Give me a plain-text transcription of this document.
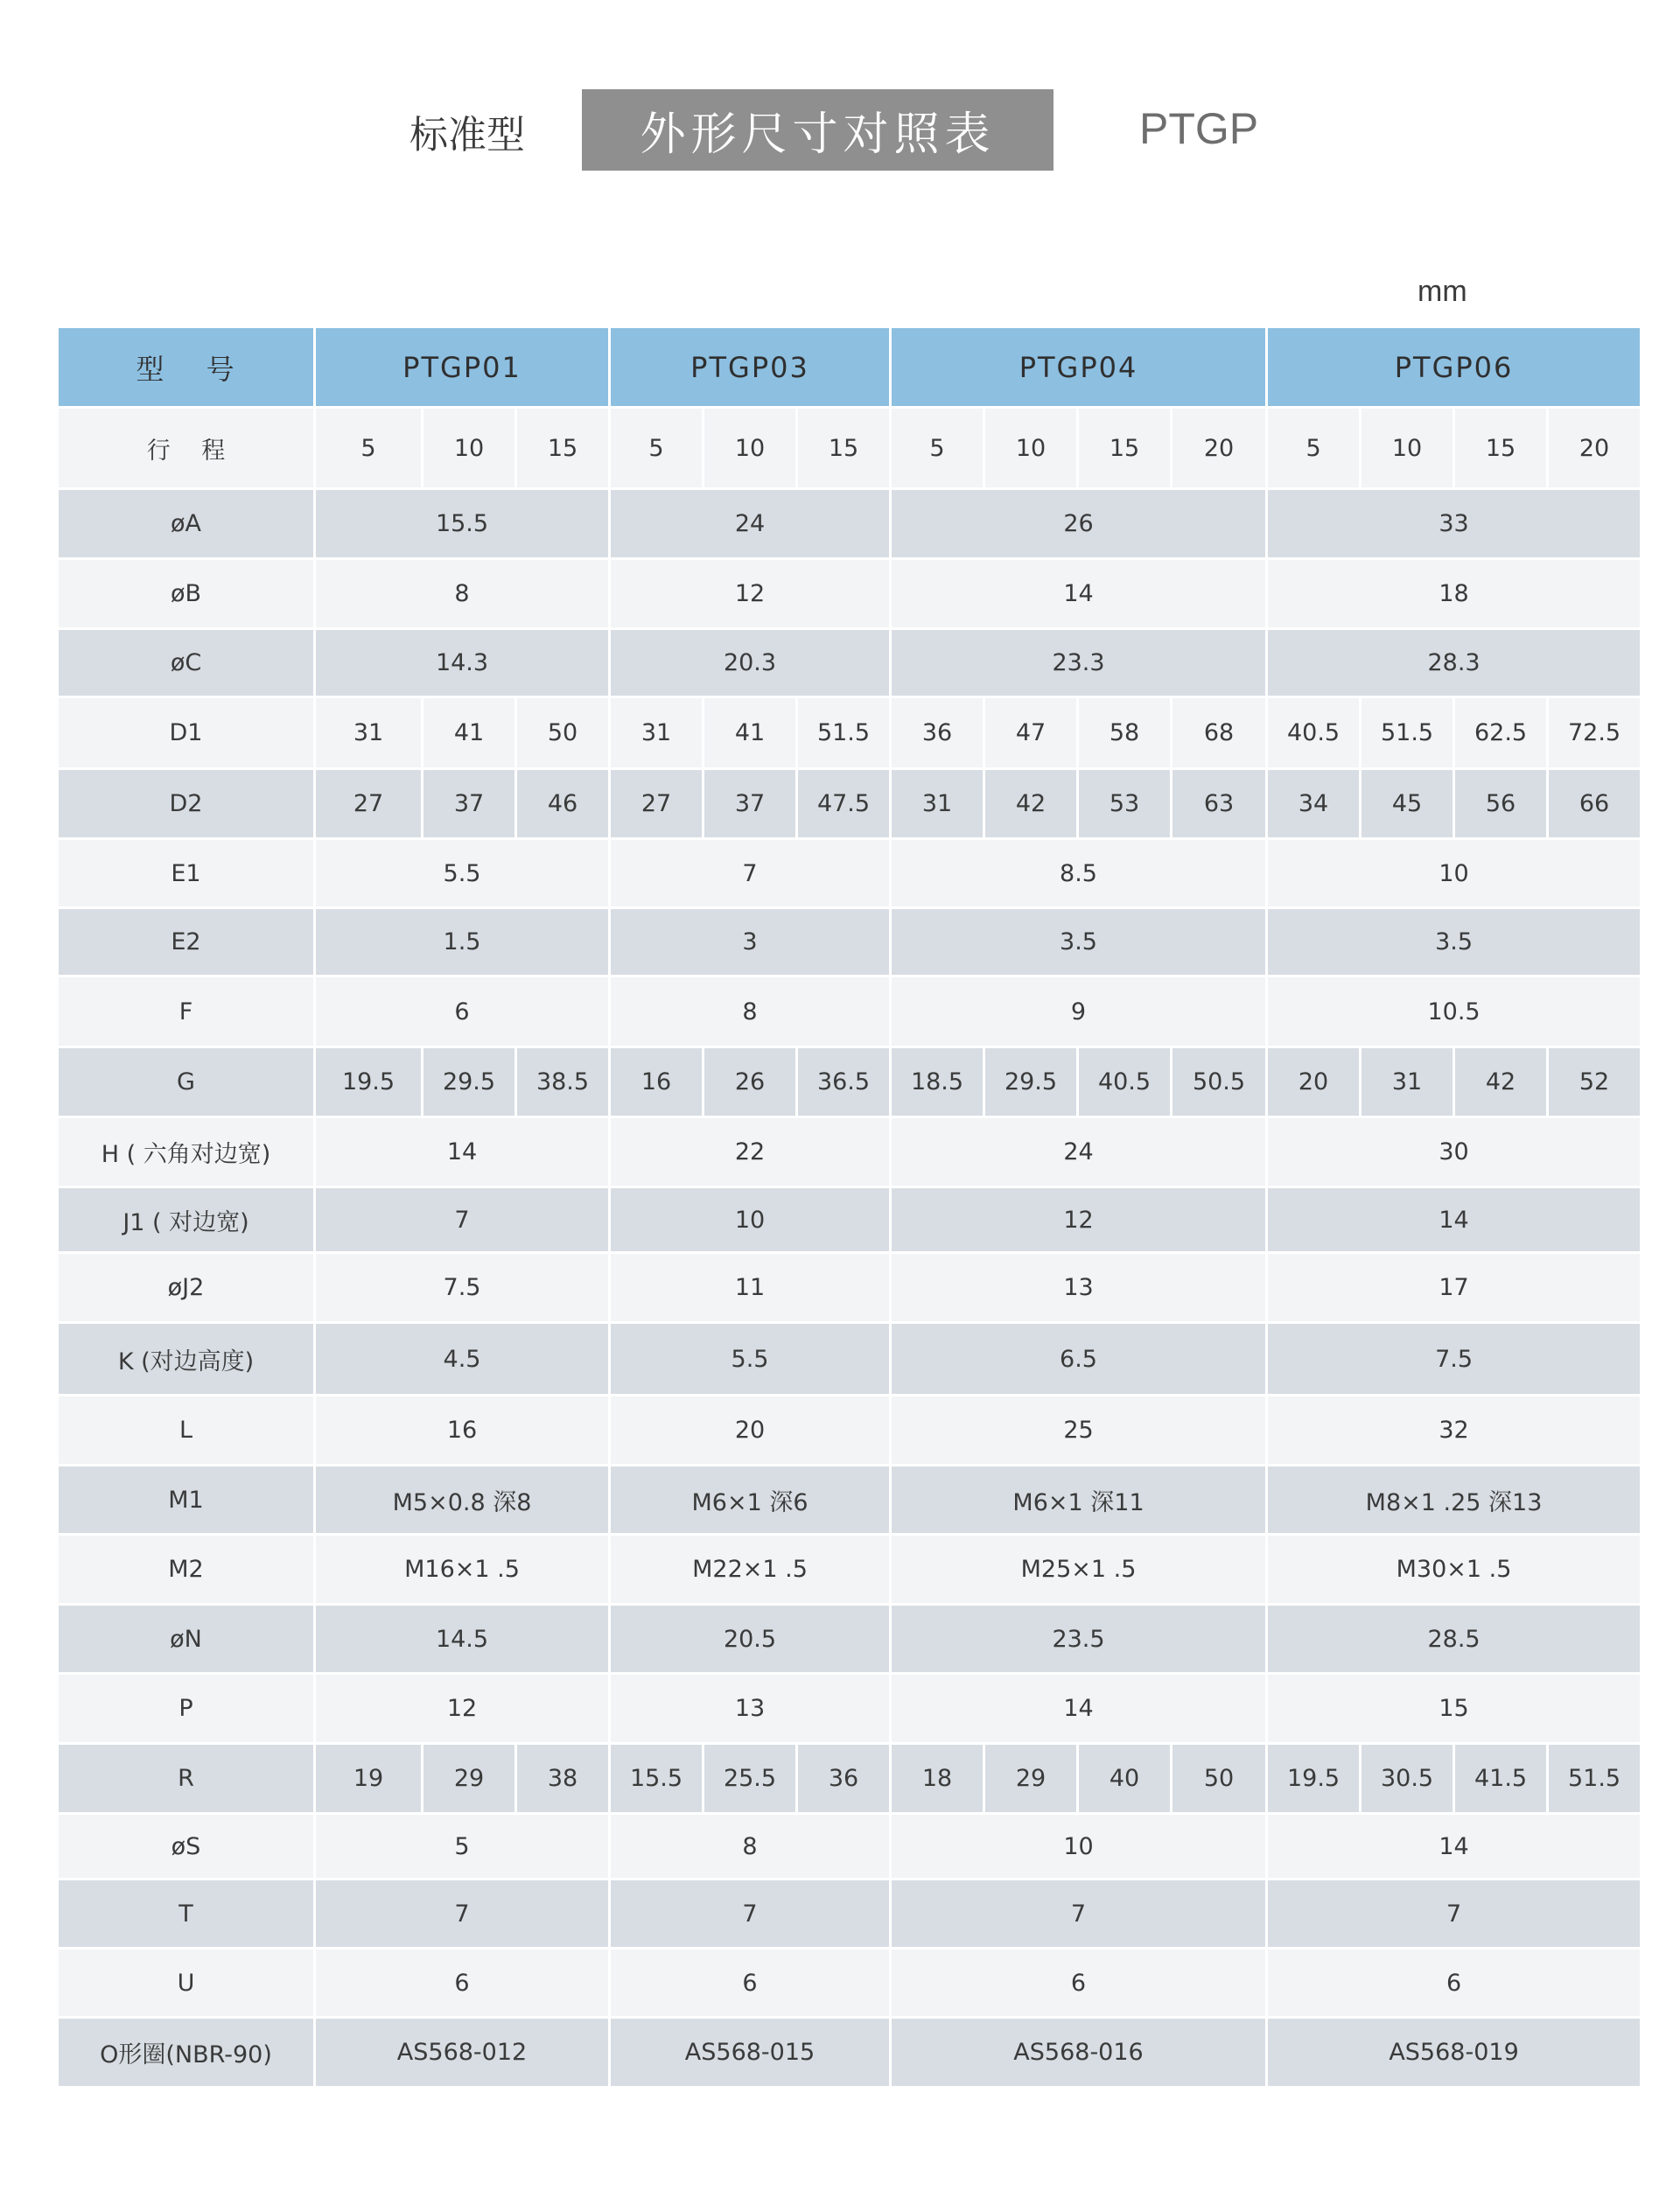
标准型	外形尺寸对照表	PTGP
mm
型　 号	PTGP01			PTGP03			PTGP04				PTGP06			
行　 程	5	10	15	5	10	15	5	10	15	20	5	10	15	20
øA	15.5			24			26				33			
øB	8			12			14				18			
øC	14.3			20.3			23.3				28.3			
D1	31	41	50	31	41	51.5	36	47	58	68	40.5	51.5	62.5	72.5
D2	27	37	46	27	37	47.5	31	42	53	63	34	45	56	66
E1	5.5			7			8.5				10			
E2	1.5			3			3.5				3.5			
F	6			8			9				10.5			
G	19.5	29.5	38.5	16	26	36.5	18.5	29.5	40.5	50.5	20	31	42	52
H ( 六角对边宽)	14			22			24				30			
J1 ( 对边宽)	7			10			12				14			
øJ2	7.5			11			13				17			
K (对边高度)	4.5			5.5			6.5				7.5			
L	16			20			25				32			
M1	M5×0.8 深8			M6×1 深6			M6×1 深11				M8×1 .25 深13			
M2	M16×1 .5			M22×1 .5			M25×1 .5				M30×1 .5			
øN	14.5			20.5			23.5				28.5			
P	12			13			14				15			
R	19	29	38	15.5	25.5	36	18	29	40	50	19.5	30.5	41.5	51.5
øS	5			8			10				14			
T	7			7			7				7			
U	6			6			6				6			
O形圈(NBR-90)	AS568-012			AS568-015			AS568-016				AS568-019			
